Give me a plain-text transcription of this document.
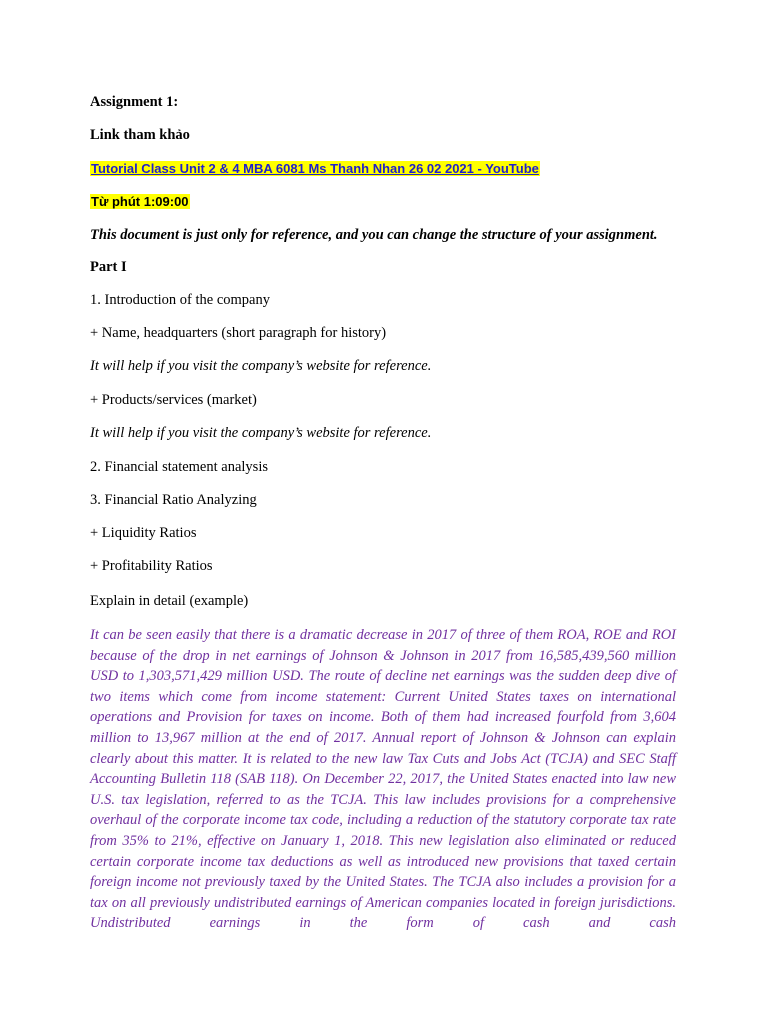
Assignment 1:
Link tham khảo
Tutorial Class Unit 2 & 4 MBA 6081 Ms Thanh Nhan 26 02 2021 - YouTube
Từ phút 1:09:00
This document is just only for reference, and you can change the structure of your assignment.
Part I
1. Introduction of the company
+ Name, headquarters (short paragraph for history)
It will help if you visit the company’s website for reference.
+ Products/services (market)
It will help if you visit the company’s website for reference.
2. Financial statement analysis
3. Financial Ratio Analyzing
+ Liquidity Ratios
+ Profitability Ratios
Explain in detail (example)
It can be seen easily that there is a dramatic decrease in 2017 of three of them ROA, ROE and ROI because of the drop in net earnings of Johnson & Johnson in 2017 from 16,585,439,560 million USD to 1,303,571,429 million USD. The route of decline net earnings was the sudden deep dive of two items which come from income statement: Current United States taxes on international operations and Provision for taxes on income. Both of them had increased fourfold from 3,604 million to 13,967 million at the end of 2017. Annual report of Johnson & Johnson can explain clearly about this matter. It is related to the new law Tax Cuts and Jobs Act (TCJA) and SEC Staff Accounting Bulletin 118 (SAB 118). On December 22, 2017, the United States enacted into law new U.S. tax legislation, referred to as the TCJA. This law includes provisions for a comprehensive overhaul of the corporate income tax code, including a reduction of the statutory corporate tax rate from 35% to 21%, effective on January 1, 2018. This new legislation also eliminated or reduced certain corporate income tax deductions as well as introduced new provisions that taxed certain foreign income not previously taxed by the United States. The TCJA also includes a provision for a tax on all previously undistributed earnings of American companies located in foreign jurisdictions. Undistributed earnings in the form of cash and cash
